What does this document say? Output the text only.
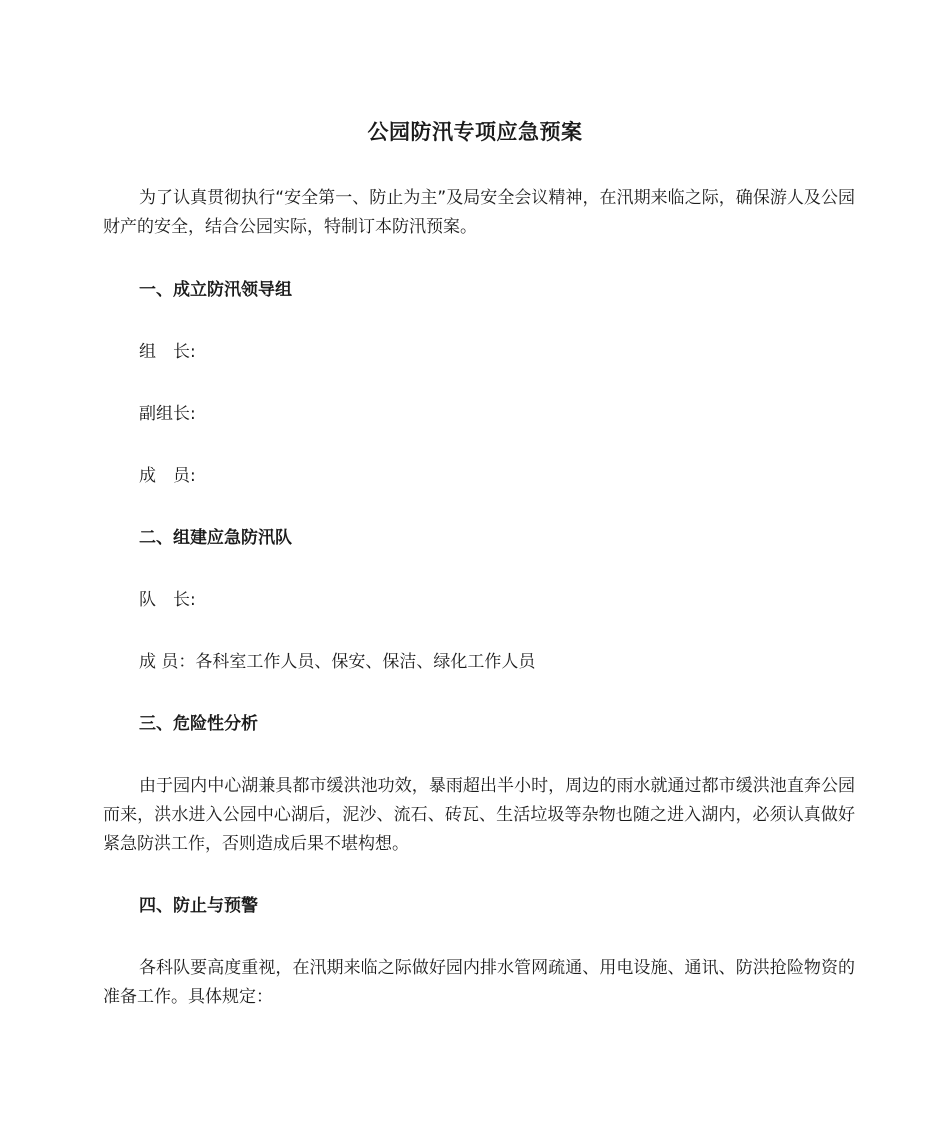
公园防汛专项应急预案

为了认真贯彻执行“安全第一、防止为主”及局安全会议精神，在汛期来临之际，确保游人及公园财产的安全，结合公园实际，特制订本防汛预案。

一、成立防汛领导组
组　长:
副组长:
成　员:
二、组建应急防汛队
队　长:
成 员：各科室工作人员、保安、保洁、绿化工作人员
三、危险性分析

由于园内中心湖兼具都市缓洪池功效，暴雨超出半小时，周边的雨水就通过都市缓洪池直奔公园而来，洪水进入公园中心湖后，泥沙、流石、砖瓦、生活垃圾等杂物也随之进入湖内，必须认真做好紧急防洪工作，否则造成后果不堪构想。

四、防止与预警

各科队要高度重视，在汛期来临之际做好园内排水管网疏通、用电设施、通讯、防洪抢险物资的准备工作。具体规定：
